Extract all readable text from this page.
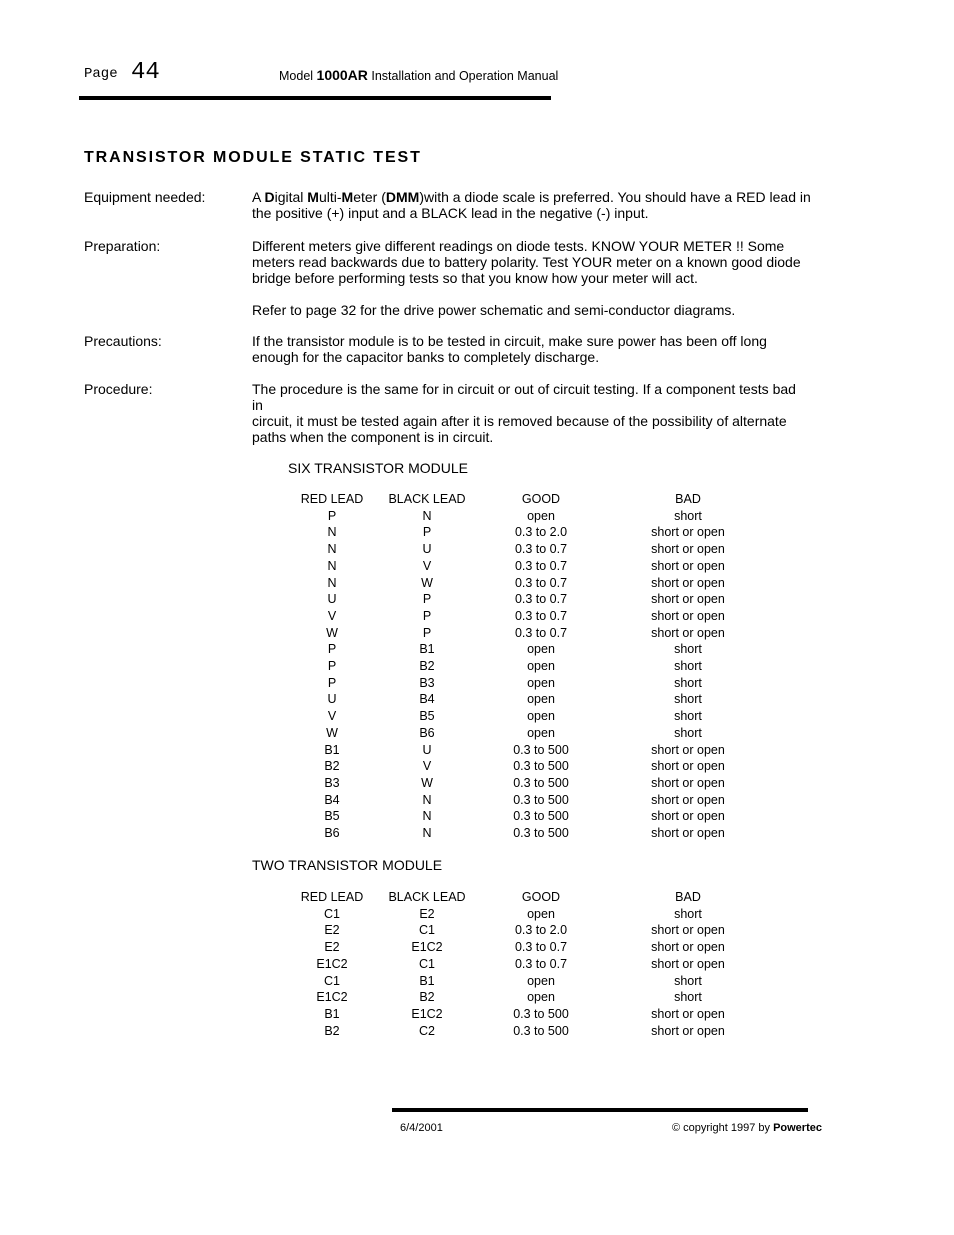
Page 44	Model 1000AR Installation and Operation Manual
TRANSISTOR MODULE STATIC TEST
Equipment needed:	A Digital Multi-Meter (DMM)with a diode scale is preferred. You should have a RED lead in the positive (+) input and a BLACK lead in the negative (-) input.
Preparation:	Different meters give different readings on diode tests. KNOW YOUR METER !! Some meters read backwards due to battery polarity. Test YOUR meter on a known good diode bridge before performing tests so that you know how your meter will act.

Refer to page 32 for the drive power schematic and semi-conductor diagrams.

Precautions:	If the transistor module is to be tested in circuit, make sure power has been off long enough for the capacitor banks to completely discharge.
Procedure:	The procedure is the same for in circuit or out of circuit testing. If a component tests bad

in

circuit, it must be tested again after it is removed because of the possibility of alternate paths when the component is in circuit.

SIX TRANSISTOR MODULE
RED LEAD	BLACK LEAD	GOOD	BAD
P	N	open	short
N	P	0.3 to 2.0	short or open
N	U	0.3 to 0.7	short or open
N	V	0.3 to 0.7	short or open
N	W	0.3 to 0.7	short or open
U	P	0.3 to 0.7	short or open
V	P	0.3 to 0.7	short or open
W	P	0.3 to 0.7	short or open
P	B1	open	short
P	B2	open	short
P	B3	open	short
U	B4	open	short
V	B5	open	short
W	B6	open	short
B1	U	0.3 to 500	short or open
B2	V	0.3 to 500	short or open
B3	W	0.3 to 500	short or open
B4	N	0.3 to 500	short or open
B5	N	0.3 to 500	short or open
B6	N	0.3 to 500	short or open
TWO TRANSISTOR MODULE
RED LEAD	BLACK LEAD	GOOD	BAD
C1	E2	open	short
E2	C1	0.3 to 2.0	short or open
E2	E1C2	0.3 to 0.7	short or open
E1C2	C1	0.3 to 0.7	short or open
C1	B1	open	short
E1C2	B2	open	short
B1	E1C2	0.3 to 500	short or open
B2	C2	0.3 to 500	short or open
6/4/2001	© copyright 1997 by Powertec
